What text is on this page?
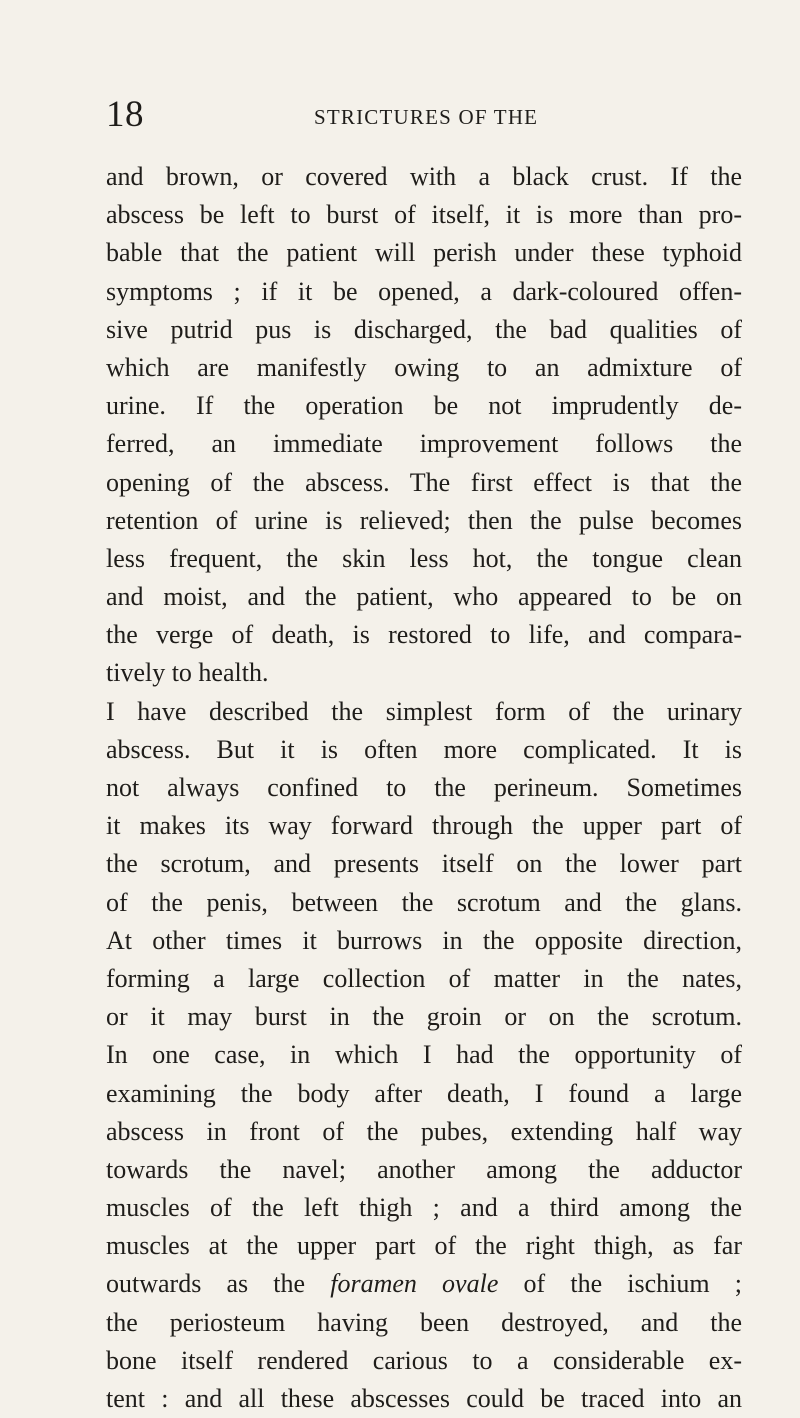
18	STRICTURES OF THE
and brown, or covered with a black crust. If the
abscess be left to burst of itself, it is more than pro-
bable that the patient will perish under these typhoid
symptoms ; if it be opened, a dark-coloured offen-
sive putrid pus is discharged, the bad qualities of
which are manifestly owing to an admixture of
urine. If the operation be not imprudently de-
ferred, an immediate improvement follows the
opening of the abscess. The first effect is that the
retention of urine is relieved; then the pulse becomes
less frequent, the skin less hot, the tongue clean
and moist, and the patient, who appeared to be on
the verge of death, is restored to life, and compara-
tively to health.
I have described the simplest form of the urinary
abscess. But it is often more complicated. It is
not always confined to the perineum. Sometimes
it makes its way forward through the upper part of
the scrotum, and presents itself on the lower part
of the penis, between the scrotum and the glans.
At other times it burrows in the opposite direction,
forming a large collection of matter in the nates,
or it may burst in the groin or on the scrotum.
In one case, in which I had the opportunity of
examining the body after death, I found a large
abscess in front of the pubes, extending half way
towards the navel; another among the adductor
muscles of the left thigh ; and a third among the
muscles at the upper part of the right thigh, as far
outwards as the foramen ovale of the ischium ;
the periosteum having been destroyed, and the
bone itself rendered carious to a considerable ex-
tent : and all these abscesses could be traced into an
